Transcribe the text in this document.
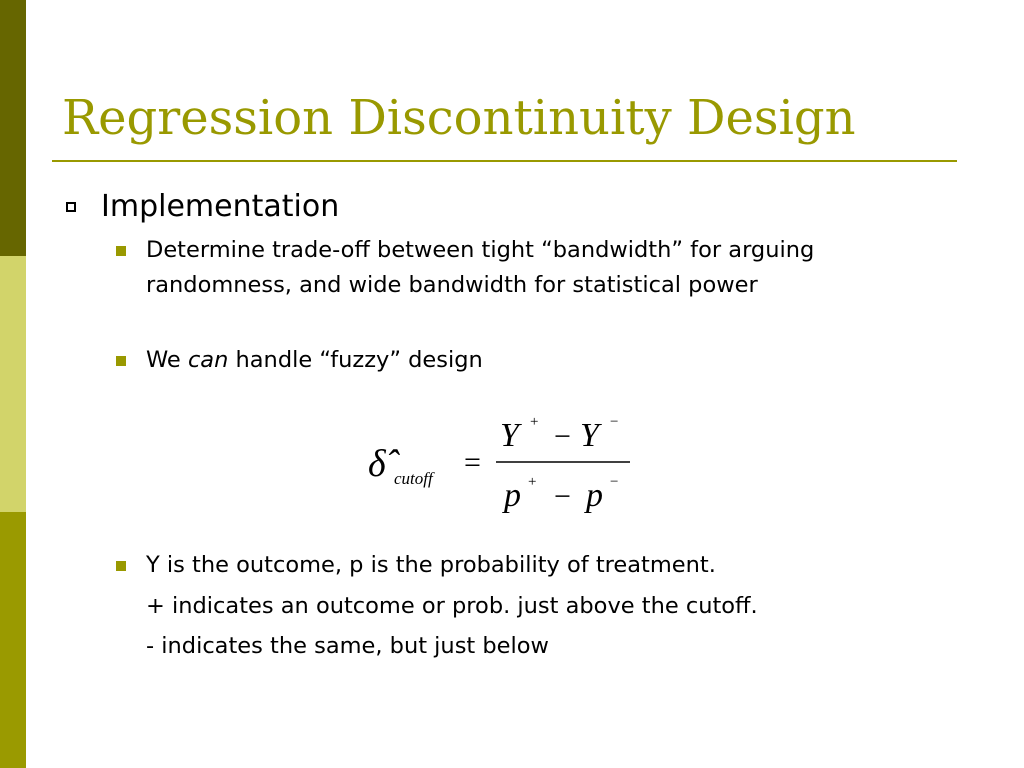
Regression Discontinuity Design
Implementation
Determine trade-off between tight “bandwidth” for arguing randomness, and wide bandwidth for statistical power
We can handle “fuzzy” design
δ̂ cutoff =
Y + − Y −
p + − p −
Y is the outcome, p is the probability of treatment.
+ indicates an outcome or prob. just above the cutoff.
- indicates the same, but just below
